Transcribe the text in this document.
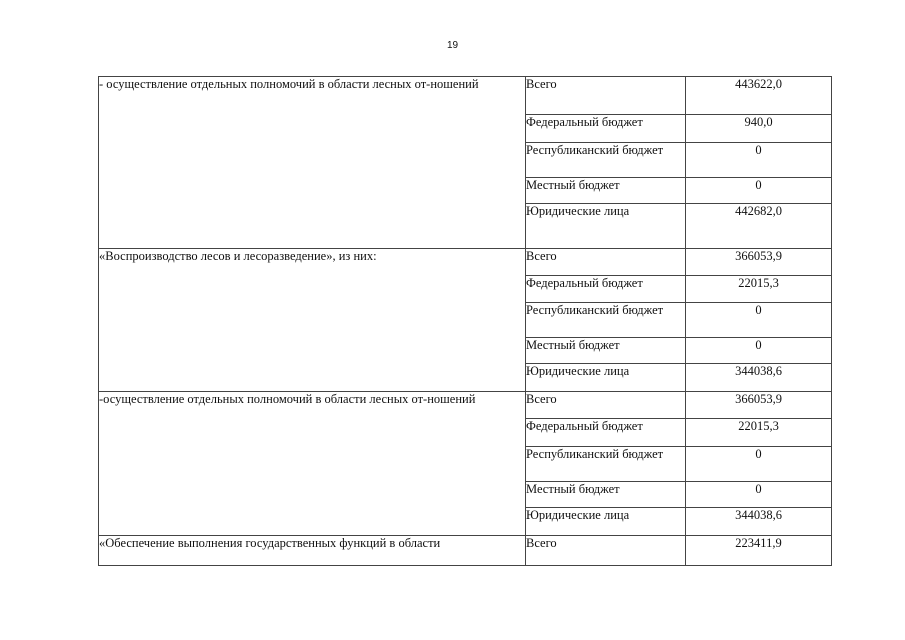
19
- осуществление отдельных полномочий в области лесных от-ношений	Всего	443622,0
	Федеральный бюджет	940,0
	Республиканский бюджет	0
	Местный бюджет	0
	Юридические лица	442682,0
«Воспроизводство лесов и лесоразведение», из них:	Всего	366053,9
	Федеральный бюджет	22015,3
	Республиканский бюджет	0
	Местный бюджет	0
	Юридические лица	344038,6
-осуществление отдельных полномочий в области лесных от-ношений	Всего	366053,9
	Федеральный бюджет	22015,3
	Республиканский бюджет	0
	Местный бюджет	0
	Юридические лица	344038,6
«Обеспечение выполнения государственных функций в области	Всего	223411,9
